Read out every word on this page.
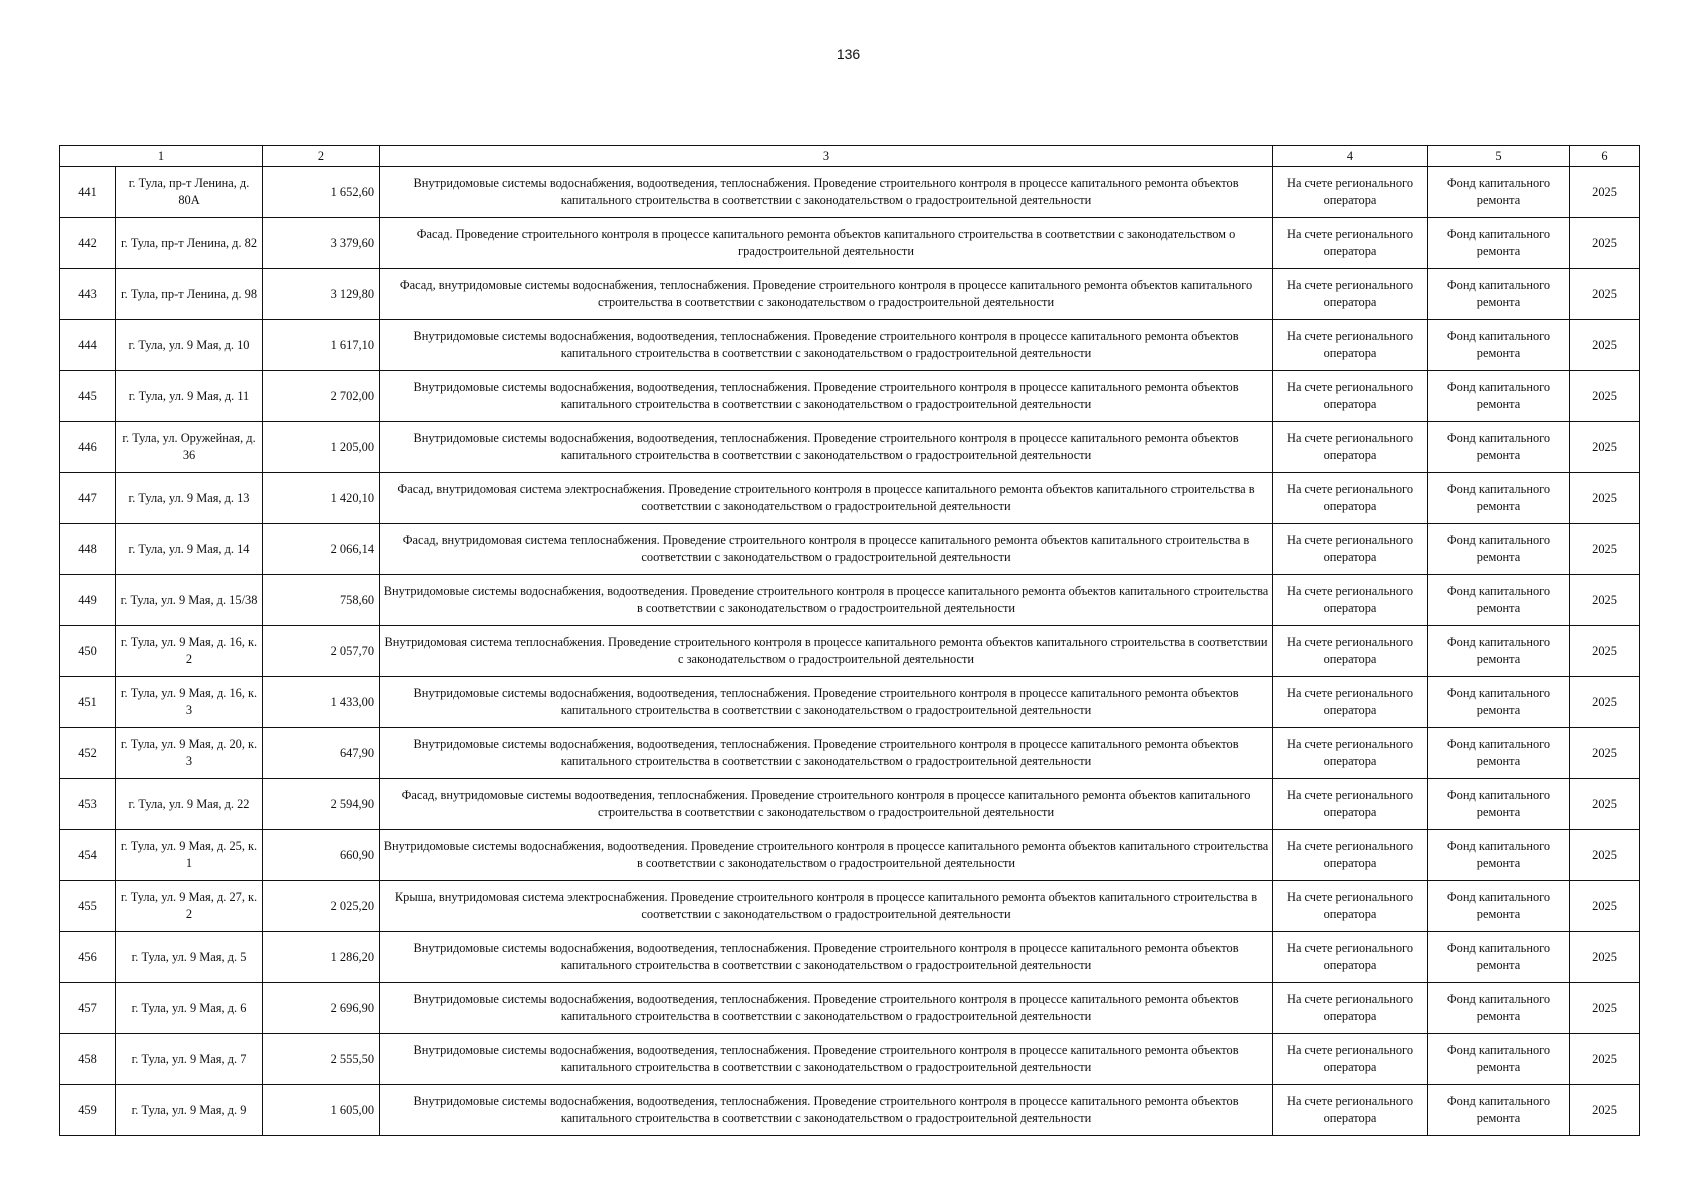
136
1		2	3	4	5	6
441	г. Тула, пр-т Ленина, д. 80А	1 652,60	Внутридомовые системы водоснабжения, водоотведения, теплоснабжения. Проведение строительного контроля в процессе капитального ремонта объектов капитального строительства в соответствии с законодательством о градостроительной деятельности	На счете регионального оператора	Фонд капитального ремонта	2025
442	г. Тула, пр-т Ленина, д. 82	3 379,60	Фасад. Проведение строительного контроля в процессе капитального ремонта объектов капитального строительства в соответствии с законодательством о градостроительной деятельности	На счете регионального оператора	Фонд капитального ремонта	2025
443	г. Тула, пр-т Ленина, д. 98	3 129,80	Фасад, внутридомовые системы водоснабжения, теплоснабжения. Проведение строительного контроля в процессе капитального ремонта объектов капитального строительства в соответствии с законодательством о градостроительной деятельности	На счете регионального оператора	Фонд капитального ремонта	2025
444	г. Тула, ул. 9 Мая, д. 10	1 617,10	Внутридомовые системы водоснабжения, водоотведения, теплоснабжения. Проведение строительного контроля в процессе капитального ремонта объектов капитального строительства в соответствии с законодательством о градостроительной деятельности	На счете регионального оператора	Фонд капитального ремонта	2025
445	г. Тула, ул. 9 Мая, д. 11	2 702,00	Внутридомовые системы водоснабжения, водоотведения, теплоснабжения. Проведение строительного контроля в процессе капитального ремонта объектов капитального строительства в соответствии с законодательством о градостроительной деятельности	На счете регионального оператора	Фонд капитального ремонта	2025
446	г. Тула, ул. Оружейная, д. 36	1 205,00	Внутридомовые системы водоснабжения, водоотведения, теплоснабжения. Проведение строительного контроля в процессе капитального ремонта объектов капитального строительства в соответствии с законодательством о градостроительной деятельности	На счете регионального оператора	Фонд капитального ремонта	2025
447	г. Тула, ул. 9 Мая, д. 13	1 420,10	Фасад, внутридомовая система электроснабжения. Проведение строительного контроля в процессе капитального ремонта объектов капитального строительства в соответствии с законодательством о градостроительной деятельности	На счете регионального оператора	Фонд капитального ремонта	2025
448	г. Тула, ул. 9 Мая, д. 14	2 066,14	Фасад, внутридомовая система теплоснабжения. Проведение строительного контроля в процессе капитального ремонта объектов капитального строительства в соответствии с законодательством о градостроительной деятельности	На счете регионального оператора	Фонд капитального ремонта	2025
449	г. Тула, ул. 9 Мая, д. 15/38	758,60	Внутридомовые системы водоснабжения, водоотведения. Проведение строительного контроля в процессе капитального ремонта объектов капитального строительства в соответствии с законодательством о градостроительной деятельности	На счете регионального оператора	Фонд капитального ремонта	2025
450	г. Тула, ул. 9 Мая, д. 16, к. 2	2 057,70	Внутридомовая система теплоснабжения. Проведение строительного контроля в процессе капитального ремонта объектов капитального строительства в соответствии с законодательством о градостроительной деятельности	На счете регионального оператора	Фонд капитального ремонта	2025
451	г. Тула, ул. 9 Мая, д. 16, к. 3	1 433,00	Внутридомовые системы водоснабжения, водоотведения, теплоснабжения. Проведение строительного контроля в процессе капитального ремонта объектов капитального строительства в соответствии с законодательством о градостроительной деятельности	На счете регионального оператора	Фонд капитального ремонта	2025
452	г. Тула, ул. 9 Мая, д. 20, к. 3	647,90	Внутридомовые системы водоснабжения, водоотведения, теплоснабжения. Проведение строительного контроля в процессе капитального ремонта объектов капитального строительства в соответствии с законодательством о градостроительной деятельности	На счете регионального оператора	Фонд капитального ремонта	2025
453	г. Тула, ул. 9 Мая, д. 22	2 594,90	Фасад, внутридомовые системы водоотведения, теплоснабжения. Проведение строительного контроля в процессе капитального ремонта объектов капитального строительства в соответствии с законодательством о градостроительной деятельности	На счете регионального оператора	Фонд капитального ремонта	2025
454	г. Тула, ул. 9 Мая, д. 25, к. 1	660,90	Внутридомовые системы водоснабжения, водоотведения. Проведение строительного контроля в процессе капитального ремонта объектов капитального строительства в соответствии с законодательством о градостроительной деятельности	На счете регионального оператора	Фонд капитального ремонта	2025
455	г. Тула, ул. 9 Мая, д. 27, к. 2	2 025,20	Крыша, внутридомовая система электроснабжения. Проведение строительного контроля в процессе капитального ремонта объектов капитального строительства в соответствии с законодательством о градостроительной деятельности	На счете регионального оператора	Фонд капитального ремонта	2025
456	г. Тула, ул. 9 Мая, д. 5	1 286,20	Внутридомовые системы водоснабжения, водоотведения, теплоснабжения. Проведение строительного контроля в процессе капитального ремонта объектов капитального строительства в соответствии с законодательством о градостроительной деятельности	На счете регионального оператора	Фонд капитального ремонта	2025
457	г. Тула, ул. 9 Мая, д. 6	2 696,90	Внутридомовые системы водоснабжения, водоотведения, теплоснабжения. Проведение строительного контроля в процессе капитального ремонта объектов капитального строительства в соответствии с законодательством о градостроительной деятельности	На счете регионального оператора	Фонд капитального ремонта	2025
458	г. Тула, ул. 9 Мая, д. 7	2 555,50	Внутридомовые системы водоснабжения, водоотведения, теплоснабжения. Проведение строительного контроля в процессе капитального ремонта объектов капитального строительства в соответствии с законодательством о градостроительной деятельности	На счете регионального оператора	Фонд капитального ремонта	2025
459	г. Тула, ул. 9 Мая, д. 9	1 605,00	Внутридомовые системы водоснабжения, водоотведения, теплоснабжения. Проведение строительного контроля в процессе капитального ремонта объектов капитального строительства в соответствии с законодательством о градостроительной деятельности	На счете регионального оператора	Фонд капитального ремонта	2025
